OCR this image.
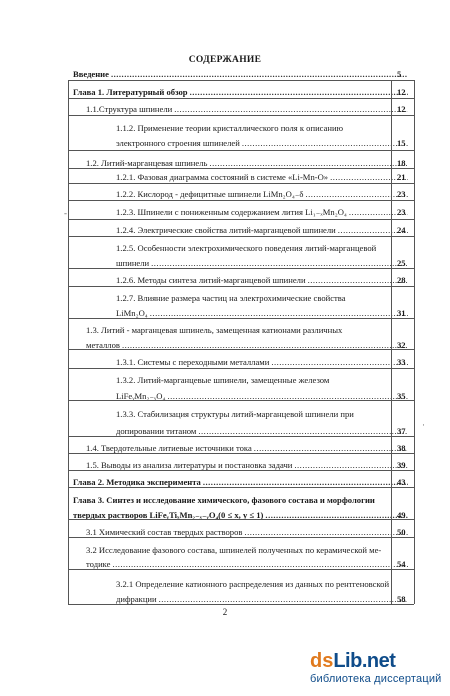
СОДЕРЖАНИЕ
Введение .....	5
Глава 1. Литературный обзор .....	12
1.1.Структура шпинели .....	12
1.1.2. Применение теории кристаллического поля к описанию
электронного строения шпинелей .....	15
1.2. Литий-марганцевая шпинель .....	18
1.2.1. Фазовая диаграмма состояний в системе «Li-Mn-O» .....	21
1.2.2. Кислород - дефицитные шпинели LiMn₂O₄₋δ .....	23
1.2.3. Шпинели с пониженным содержанием лития Li₁₋ₓMn₂O₄ .....	23
1.2.4. Электрические свойства литий-марганцевой шпинели .....	24
1.2.5. Особенности электрохимического поведения литий-марганцевой
шпинели .....	25
1.2.6. Методы синтеза литий-марганцевой шпинели .....	28
1.2.7. Влияние размера частиц на электрохимические свойства
LiMn₂O₄ .....	31
1.3. Литий - марганцевая шпинель, замещенная катионами различных
металлов .....	32
1.3.1. Системы с переходными металлами .....	33
1.3.2. Литий-марганцевые шпинели, замещенные железом
LiFeᵧMn₂₋ᵧO₄ .....	35
1.3.3. Стабилизация структуры литий-марганцевой шпинели при
допировании титаном .....	37
1.4. Твердотельные литиевые источники тока .....	38
1.5. Выводы из анализа литературы и постановка задачи .....	39
Глава 2. Методика эксперимента .....	43
Глава 3. Синтез и исследование химического, фазового состава и морфологии
твердых растворов LiFeᵧTiₓMn₂₋ₓ₋ᵧO₄(0 ≤ x, y ≤ 1) .....	49
3.1 Химический состав твердых растворов .....	50
3.2 Исследование фазового состава, шпинелей полученных по керамической ме-
тодике .....	54
3.2.1 Определение катионного распределения из данных по рентгеновской
дифракции .....	58
2
ds Lib.net
библиотека диссертаций
-
·
